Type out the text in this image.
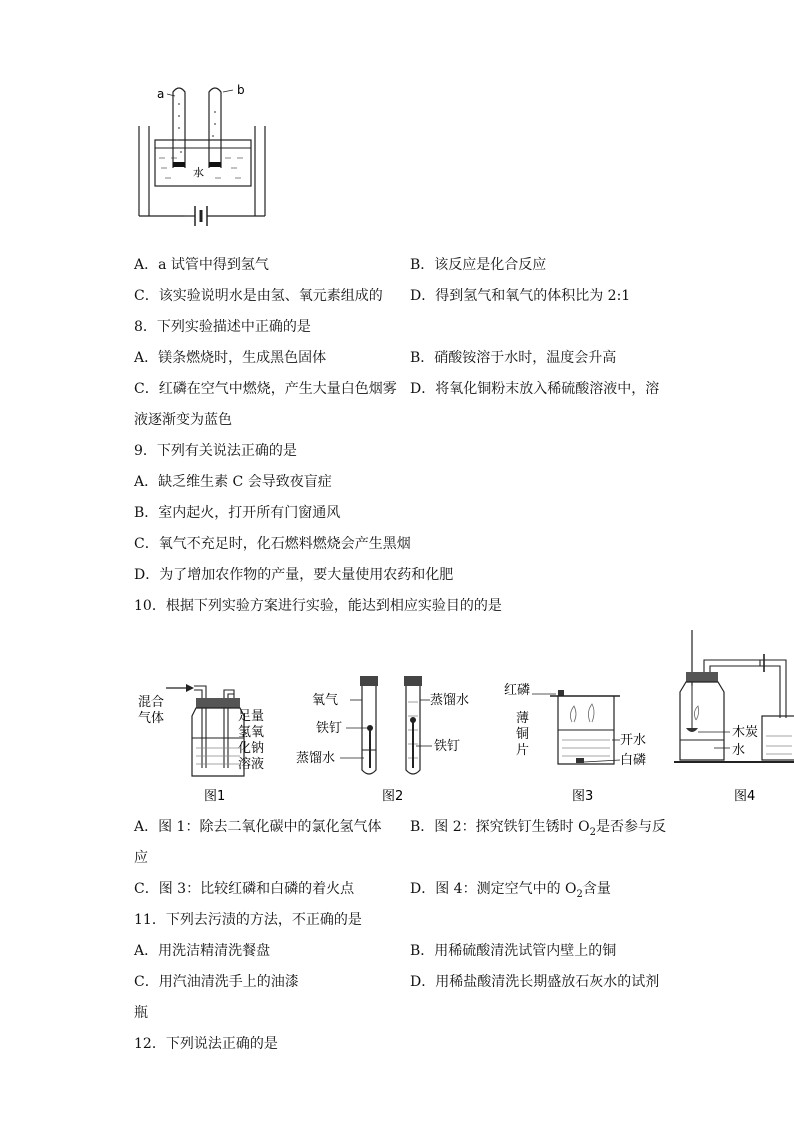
a	b
水
A．a 试管中得到氢气	B．该反应是化合反应
C．该实验说明水是由氢、氧元素组成的 D．得到氢气和氧气的体积比为 2:1
8．下列实验描述中正确的是
A．镁条燃烧时，生成黑色固体	B．硝酸铵溶于水时，温度会升高
C．红磷在空气中燃烧，产生大量白色烟雾 D．将氧化铜粉末放入稀硫酸溶液中，溶
液逐渐变为蓝色
9．下列有关说法正确的是
A．缺乏维生素 C 会导致夜盲症
B．室内起火，打开所有门窗通风
C．氧气不充足时，化石燃料燃烧会产生黑烟
D．为了增加农作物的产量，要大量使用农药和化肥
10．根据下列实验方案进行实验，能达到相应实验目的的是
混合
气体	足量
氢氧
化钠
溶液
图1
氧气
铁钉
蒸馏水
蒸馏水
铁钉
图2
红磷
薄
铜
片
开水
白磷
图3
木炭
水
图4
A．图 1：除去二氧化碳中的氯化氢气体 B．图 2：探究铁钉生锈时 $O_2$是否参与反
应
C．图 3：比较红磷和白磷的着火点	D．图 4：测定空气中的 $O_2$含量
11．下列去污渍的方法，不正确的是
A．用洗洁精清洗餐盘	B．用稀硫酸清洗试管内壁上的铜
C．用汽油清洗手上的油漆	D．用稀盐酸清洗长期盛放石灰水的试剂
瓶
12．下列说法正确的是
